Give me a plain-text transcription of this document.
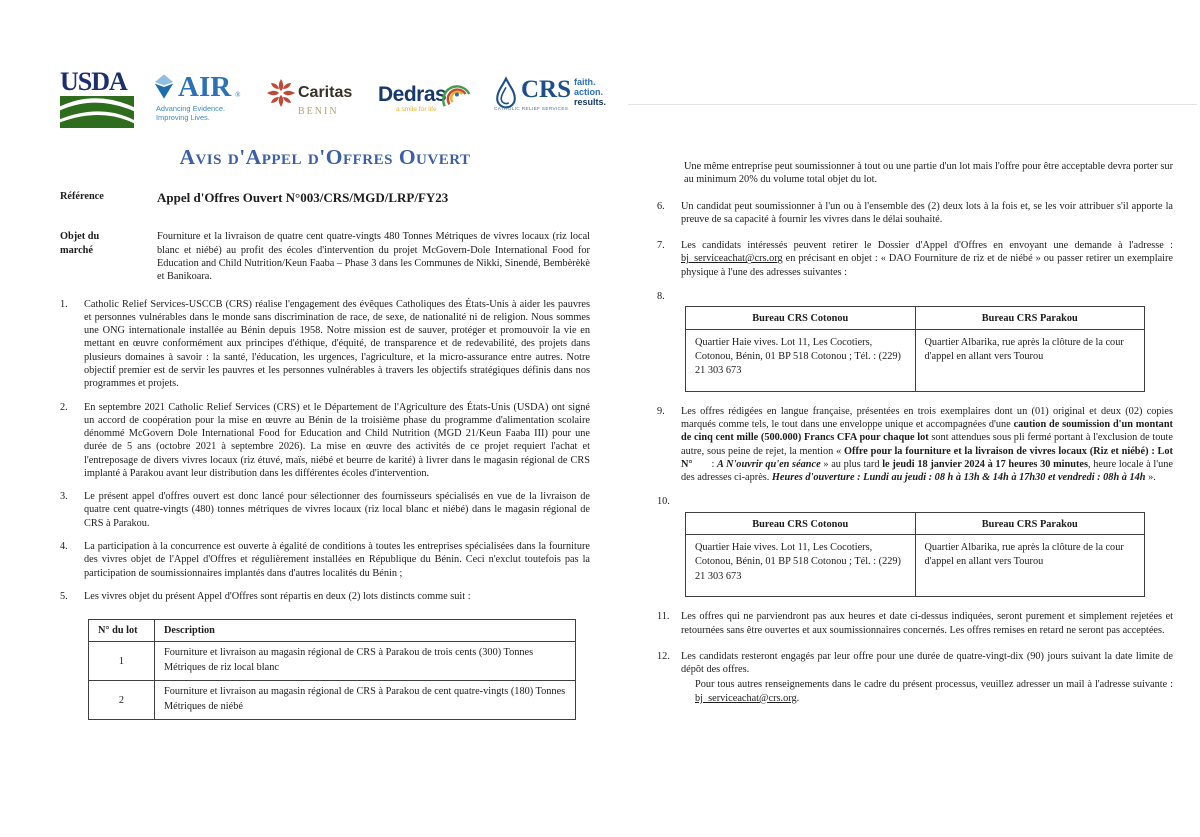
USDA AIR ®
Advancing Evidence.
Improving Lives.
Caritas
BENIN
Dedras
a smile for life
CRS faith.
action.
results.
CATHOLIC RELIEF SERVICES
Avis d'Appel d'Offres Ouvert
Référence	Appel d'Offres Ouvert N°003/CRS/MGD/LRP/FY23
Objet du marché
Fourniture et la livraison de quatre cent quatre-vingts 480 Tonnes Métriques de vivres locaux (riz local blanc et niébé) au profit des écoles d'intervention du projet McGovern-Dole International Food for Education and Child Nutrition/Keun Faaba – Phase 3 dans les Communes de Nikki, Sinendé, Bembèrèkè et Banikoara.
1.	Catholic Relief Services-USCCB (CRS) réalise l'engagement des évêques Catholiques des États-Unis à aider les pauvres et personnes vulnérables dans le monde sans discrimination de race, de sexe, de nationalité ni de religion. Nous sommes une ONG internationale installée au Bénin depuis 1958. Notre mission est de sauver, protéger et promouvoir la vie en mettant en œuvre conformément aux principes d'éthique, d'équité, de transparence et de redevabilité, des projets dans plusieurs domaines à savoir : la santé, l'éducation, les urgences, l'agriculture, et la micro-assurance entre autres. Notre objectif premier est de servir les pauvres et les personnes vulnérables à travers les objectifs stratégiques définis dans nos programmes et projets.
2.	En septembre 2021 Catholic Relief Services (CRS) et le Département de l'Agriculture des États-Unis (USDA) ont signé un accord de coopération pour la mise en œuvre au Bénin de la troisième phase du programme d'alimentation scolaire dénommé McGovern Dole International Food for Education and Child Nutrition (MGD 21/Keun Faaba III) pour une durée de 5 ans (octobre 2021 à septembre 2026). La mise en œuvre des activités de ce projet requiert l'achat et l'entreposage de divers vivres locaux (riz étuvé, maïs, niébé et beurre de karité) à livrer dans le magasin régional de CRS implanté à Parakou avant leur distribution dans les différentes écoles d'intervention.
3.	Le présent appel d'offres ouvert est donc lancé pour sélectionner des fournisseurs spécialisés en vue de la livraison de quatre cent quatre-vingts (480) tonnes métriques de vivres locaux (riz local blanc et niébé) dans le magasin régional de CRS à Parakou.
4.	La participation à la concurrence est ouverte à égalité de conditions à toutes les entreprises spécialisées dans la fourniture des vivres objet de l'Appel d'Offres et régulièrement installées en République du Bénin. Ceci n'exclut toutefois pas la participation de soumissionnaires implantés dans d'autres localités du Bénin ;
5.	Les vivres objet du présent Appel d'Offres sont répartis en deux (2) lots distincts comme suit :
N° du lot	Description
1	Fourniture et livraison au magasin régional de CRS à Parakou de trois cents (300) Tonnes Métriques de riz local blanc
2	Fourniture et livraison au magasin régional de CRS à Parakou de cent quatre-vingts (180) Tonnes Métriques de niébé
Une même entreprise peut soumissionner à tout ou une partie d'un lot mais l'offre pour être acceptable devra porter sur au minimum 20% du volume total objet du lot.
6.	Un candidat peut soumissionner à l'un ou à l'ensemble des (2) deux lots à la fois et, se les voir attribuer s'il apporte la preuve de sa capacité à fournir les vivres dans le délai souhaité.
7.	Les candidats intéressés peuvent retirer le Dossier d'Appel d'Offres en envoyant une demande à l'adresse : bj_serviceachat@crs.org en précisant en objet : « DAO Fourniture de riz et de niébé » ou passer retirer un exemplaire physique à l'une des adresses suivantes :
8.
Bureau CRS Cotonou	Bureau CRS Parakou
Quartier Haie vives. Lot 11, Les Cocotiers, Cotonou, Bénin, 01 BP 518 Cotonou ; Tél. : (229) 21 303 673	Quartier Albarika, rue après la clôture de la cour d'appel en allant vers Tourou
9.	Les offres rédigées en langue française, présentées en trois exemplaires dont un (01) original et deux (02) copies marqués comme tels, le tout dans une enveloppe unique et accompagnées d'une caution de soumission d'un montant de cinq cent mille (500.000) Francs CFA pour chaque lot sont attendues sous pli fermé portant à l'exclusion de toute autre, sous peine de rejet, la mention « Offre pour la fourniture et la livraison de vivres locaux (Riz et niébé) : Lot N°       : A N'ouvrir qu'en séance » au plus tard le jeudi 18 janvier 2024 à 17 heures 30 minutes, heure locale à l'une des adresses ci-après. Heures d'ouverture : Lundi au jeudi : 08 h à 13h & 14h à 17h30 et vendredi : 08h à 14h ».
10.
Bureau CRS Cotonou	Bureau CRS Parakou
Quartier Haie vives. Lot 11, Les Cocotiers, Cotonou, Bénin, 01 BP 518 Cotonou ; Tél. : (229) 21 303 673	Quartier Albarika, rue après la clôture de la cour d'appel en allant vers Tourou
11.	Les offres qui ne parviendront pas aux heures et date ci-dessus indiquées, seront purement et simplement rejetées et retournées sans être ouvertes et aux soumissionnaires concernés. Les offres remises en retard ne seront pas acceptées.
12.	Les candidats resteront engagés par leur offre pour une durée de quatre-vingt-dix (90) jours suivant la date limite de dépôt des offres.
Pour tous autres renseignements dans le cadre du présent processus, veuillez adresser un mail à l'adresse suivante : bj_serviceachat@crs.org.
